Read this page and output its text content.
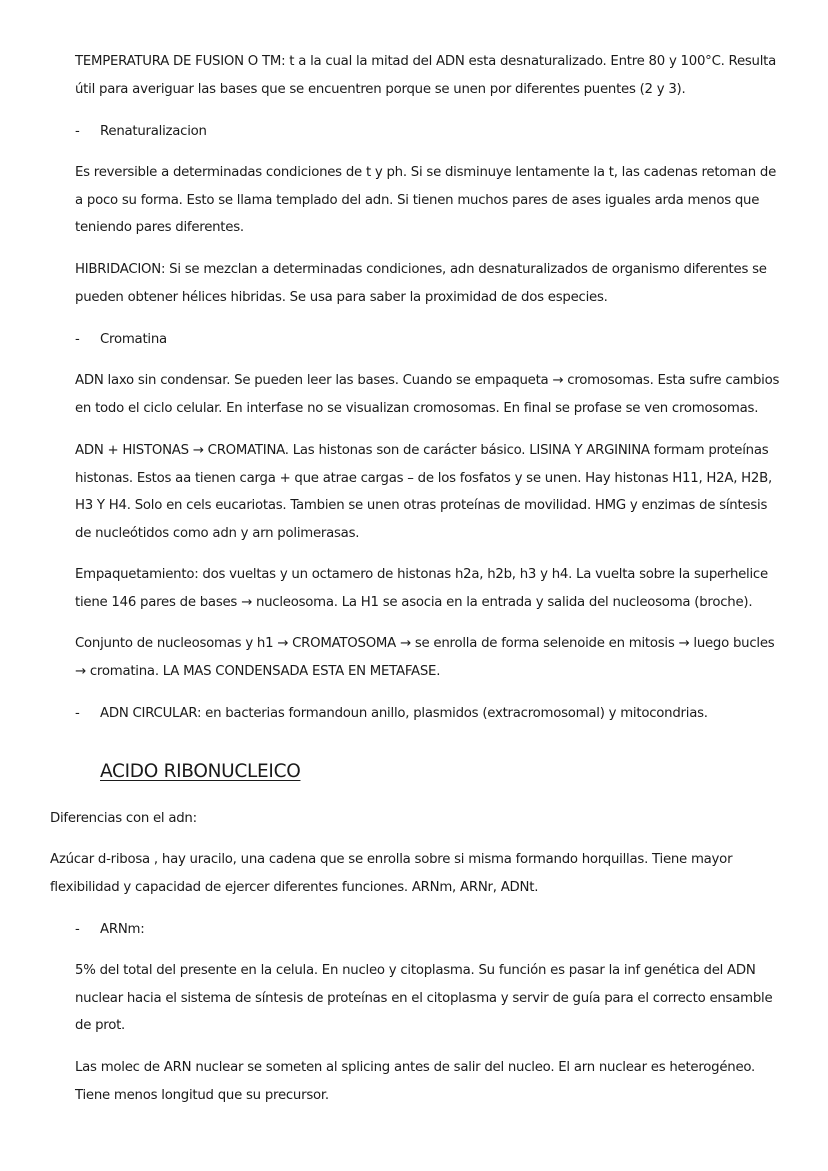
TEMPERATURA DE FUSION O TM: t a la cual la mitad del ADN esta desnaturalizado. Entre 80 y 100°C. Resulta útil para averiguar las bases que se encuentren porque se unen por diferentes puentes (2 y 3).

- Renaturalizacion

Es reversible a determinadas condiciones de t y ph. Si se disminuye lentamente la t, las cadenas retoman de a poco su forma. Esto se llama templado del adn. Si tienen muchos pares de ases iguales arda menos que teniendo pares diferentes.

HIBRIDACION: Si se mezclan a determinadas condiciones, adn desnaturalizados de organismo diferentes se pueden obtener hélices hibridas. Se usa para saber la proximidad de dos especies.

- Cromatina

ADN laxo sin condensar. Se pueden leer las bases. Cuando se empaqueta → cromosomas. Esta sufre cambios en todo el ciclo celular. En interfase no se visualizan cromosomas. En final se profase se ven cromosomas.

ADN + HISTONAS → CROMATINA. Las histonas son de carácter básico. LISINA Y ARGININA formam proteínas histonas. Estos aa tienen carga + que atrae cargas – de los fosfatos y se unen. Hay histonas H11, H2A, H2B, H3 Y H4. Solo en cels eucariotas. Tambien se unen otras proteínas de movilidad. HMG y enzimas de síntesis de nucleótidos como adn y arn polimerasas.

Empaquetamiento: dos vueltas y un octamero de histonas h2a, h2b, h3 y h4. La vuelta sobre la superhelice tiene 146 pares de bases → nucleosoma. La H1 se asocia en la entrada y salida del nucleosoma (broche).

Conjunto de nucleosomas y h1 → CROMATOSOMA → se enrolla de forma selenoide en mitosis → luego bucles → cromatina. LA MAS CONDENSADA ESTA EN METAFASE.

- ADN CIRCULAR: en bacterias formandoun anillo, plasmidos (extracromosomal) y mitocondrias.
ACIDO RIBONUCLEICO

Diferencias con el adn:

Azúcar d-ribosa , hay uracilo, una cadena que se enrolla sobre si misma formando horquillas. Tiene mayor flexibilidad y capacidad de ejercer diferentes funciones. ARNm, ARNr, ADNt.

- ARNm:

5% del total del presente en la celula. En nucleo y citoplasma. Su función es pasar la inf genética del ADN nuclear hacia el sistema de síntesis de proteínas en el citoplasma y servir de guía para el correcto ensamble de prot.

Las molec de ARN nuclear se someten al splicing antes de salir del nucleo. El arn nuclear es heterogéneo. Tiene menos longitud que su precursor.
